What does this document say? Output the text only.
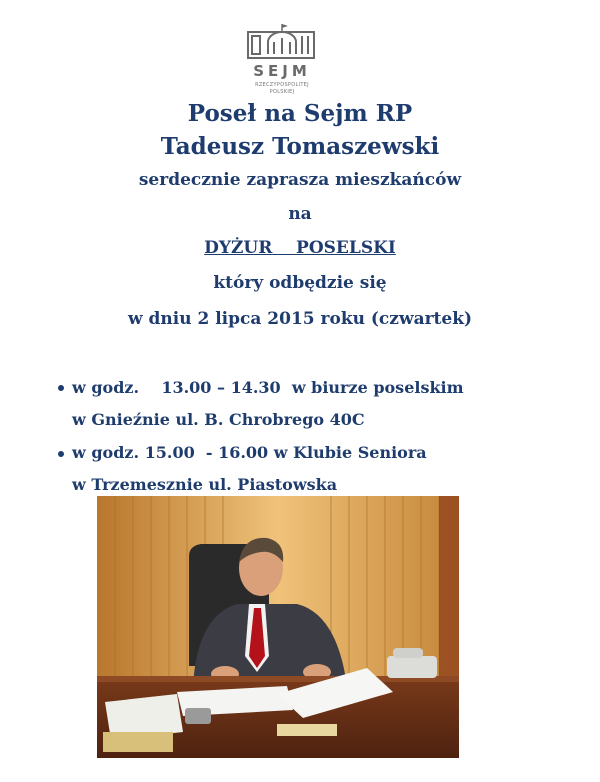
SEJM
RZECZYPOSPOLITEJ
POLSKIEJ
Poseł na Sejm RP
Tadeusz Tomaszewski
serdecznie zaprasza mieszkańców
na
DYŻUR    POSELSKI
który odbędzie się
w dniu 2 lipca 2015 roku (czwartek)
w godz.    13.00 – 14.30  w biurze poselskim
w Gnieźnie ul. B. Chrobrego 40C
w godz. 15.00  - 16.00 w Klubie Seniora
w Trzemesznie ul. Piastowska
